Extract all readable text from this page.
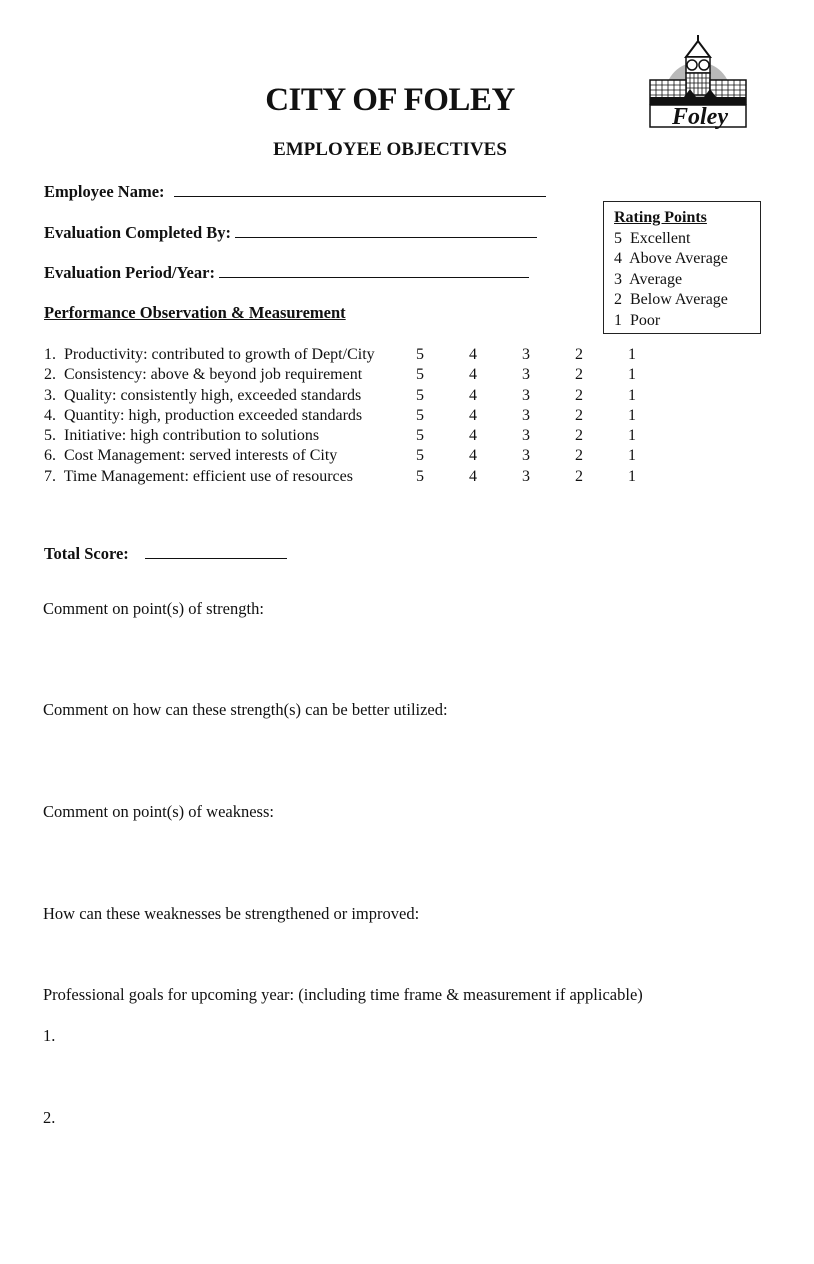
Foley
CITY OF FOLEY
EMPLOYEE OBJECTIVES
Employee Name:
Evaluation Completed By:
Evaluation Period/Year:
Rating Points
5 Excellent
4 Above Average
3 Average
2 Below Average
1 Poor
Performance Observation & Measurement
1. Productivity: contributed to growth of Dept/City	5	4	3	2	1
2. Consistency: above & beyond job requirement	5	4	3	2	1
3. Quality: consistently high, exceeded standards	5	4	3	2	1
4. Quantity: high, production exceeded standards	5	4	3	2	1
5. Initiative: high contribution to solutions	5	4	3	2	1
6. Cost Management: served interests of City	5	4	3	2	1
7. Time Management: efficient use of resources	5	4	3	2	1
Total Score:
Comment on point(s) of strength:
Comment on how can these strength(s) can be better utilized:
Comment on point(s) of weakness:
How can these weaknesses be strengthened or improved:
Professional goals for upcoming year: (including time frame & measurement if applicable)
1.
2.
